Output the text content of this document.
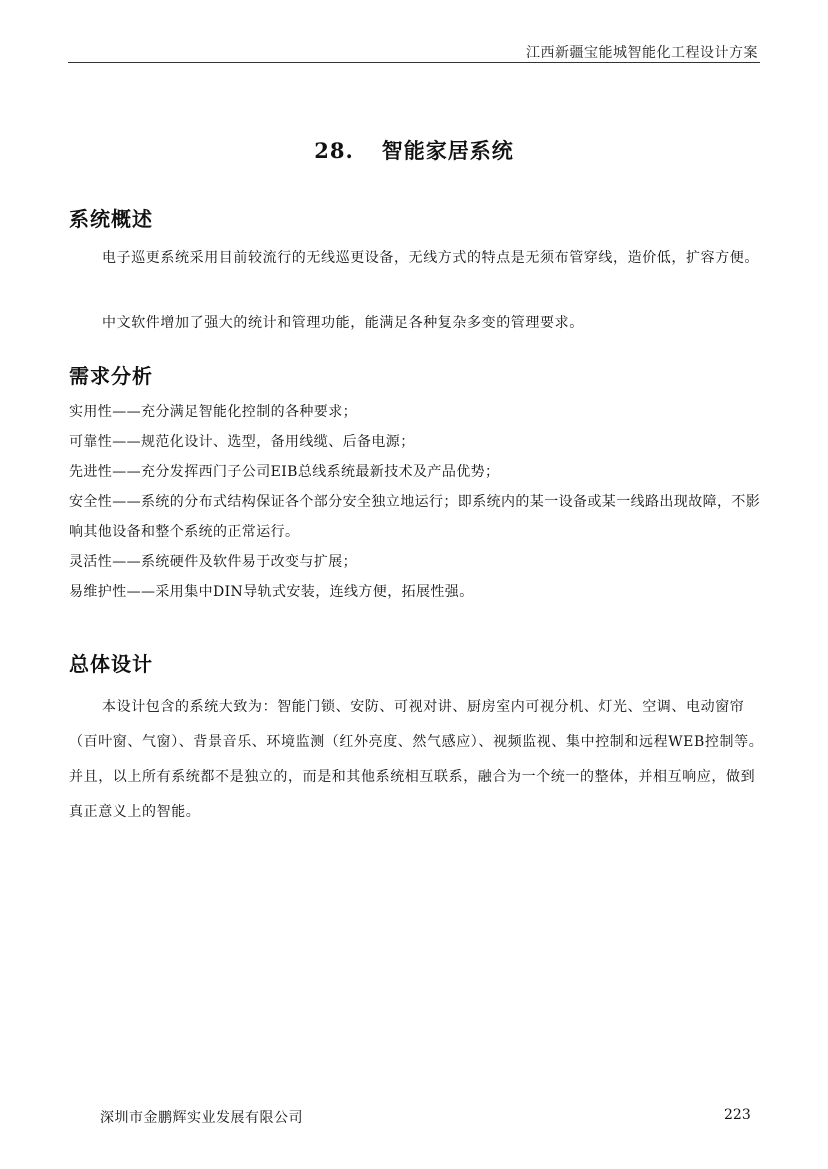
江西新疆宝能城智能化工程设计方案
28. 智能家居系统
系统概述
电子巡更系统采用目前较流行的无线巡更设备，无线方式的特点是无须布管穿线，造价低，扩容方便。
中文软件增加了强大的统计和管理功能，能满足各种复杂多变的管理要求。
需求分析
实用性——充分满足智能化控制的各种要求；
可靠性——规范化设计、选型，备用线缆、后备电源；
先进性——充分发挥西门子公司EIB总线系统最新技术及产品优势；
安全性——系统的分布式结构保证各个部分安全独立地运行；即系统内的某一设备或某一线路出现故障，不影响其他设备和整个系统的正常运行。
灵活性——系统硬件及软件易于改变与扩展；
易维护性——采用集中DIN导轨式安装，连线方便，拓展性强。
总体设计
本设计包含的系统大致为：智能门锁、安防、可视对讲、厨房室内可视分机、灯光、空调、电动窗帘（百叶窗、气窗）、背景音乐、环境监测（红外亮度、然气感应）、视频监视、集中控制和远程WEB控制等。并且，以上所有系统都不是独立的，而是和其他系统相互联系，融合为一个统一的整体，并相互响应，做到真正意义上的智能。
深圳市金鹏辉实业发展有限公司	223
